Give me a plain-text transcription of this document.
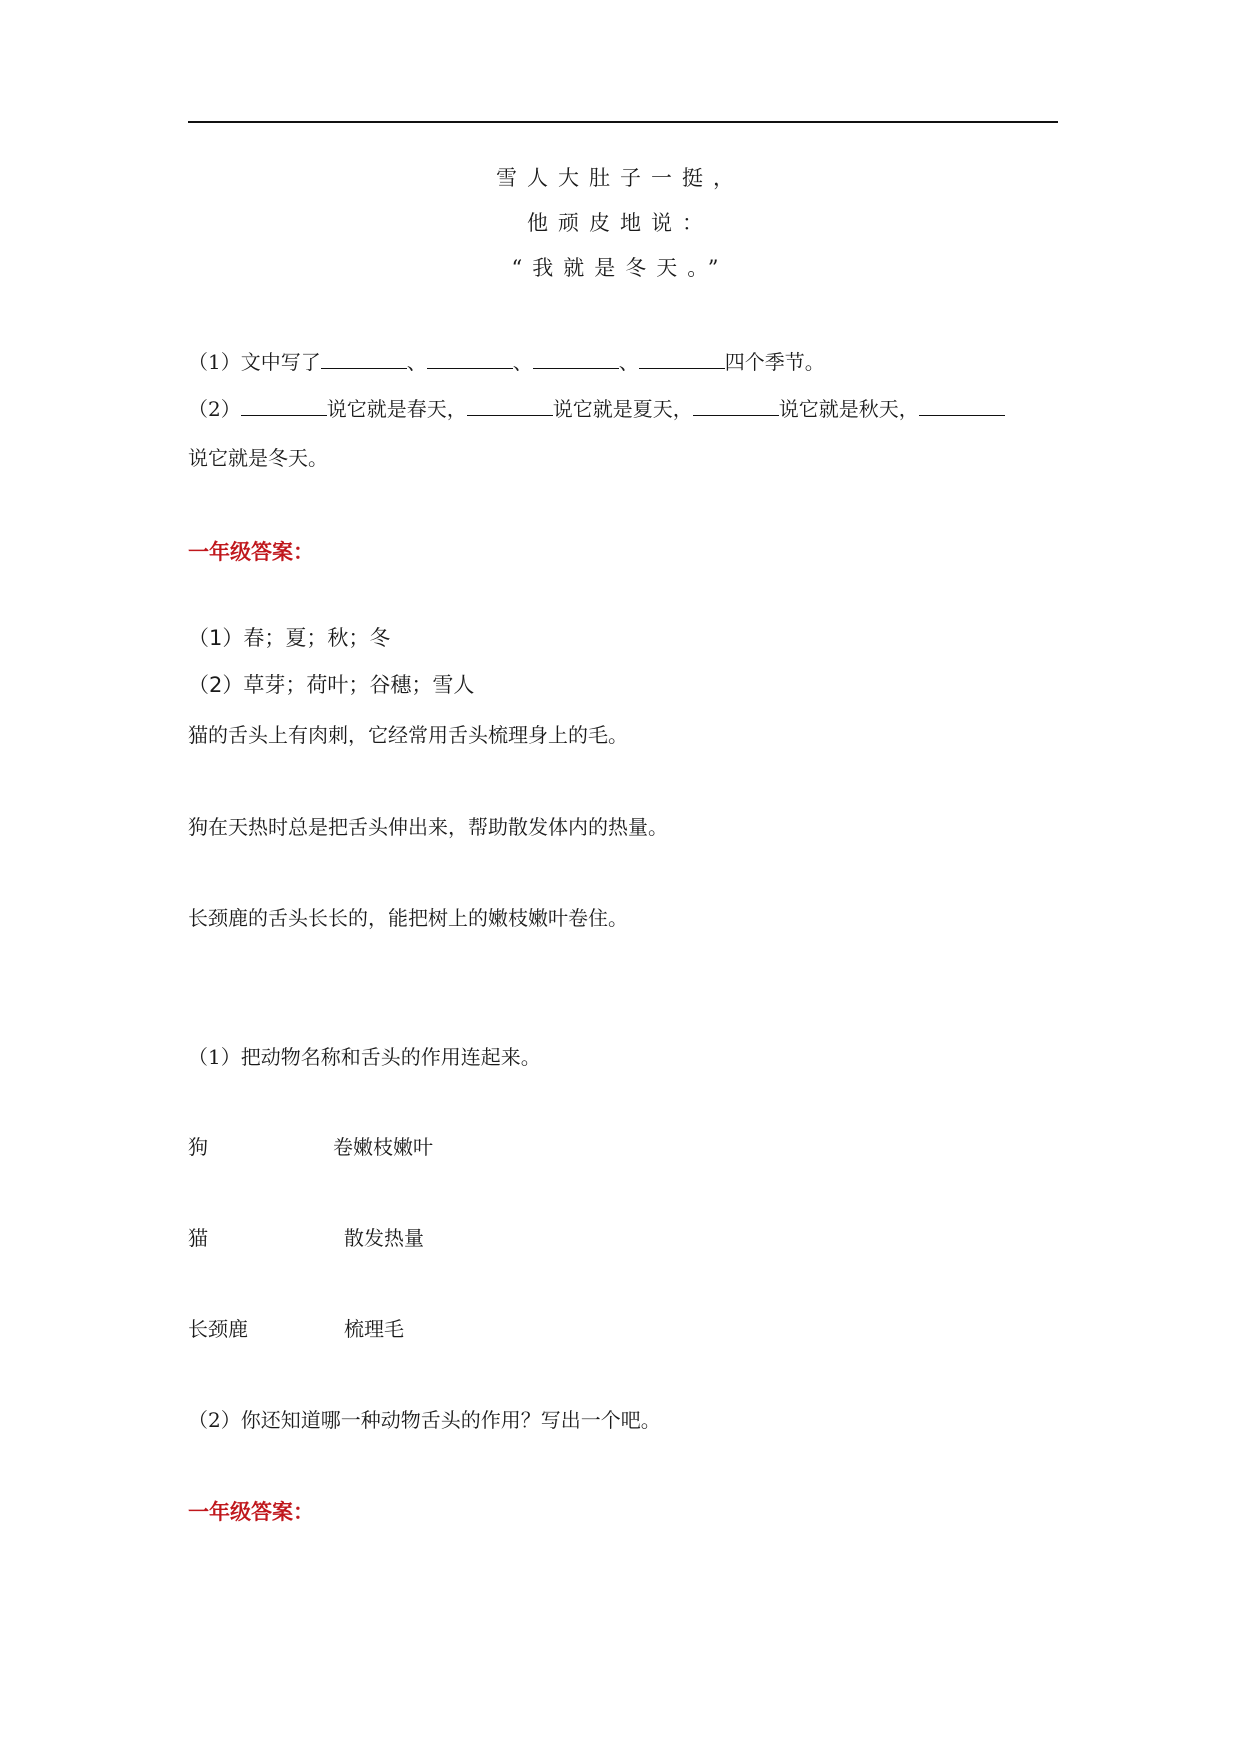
雪人大肚子一挺，
他顽皮地说：
“我就是冬天。”
（1）文中写了	、	、	、	四个季节。
（2）	说它就是春天，	说它就是夏天，	说它就是秋天，
说它就是冬天。
一年级答案：
（1）春；夏；秋；冬
（2）草芽；荷叶；谷穗；雪人
猫的舌头上有肉刺，它经常用舌头梳理身上的毛。
狗在天热时总是把舌头伸出来，帮助散发体内的热量。
长颈鹿的舌头长长的，能把树上的嫩枝嫩叶卷住。
（1）把动物名称和舌头的作用连起来。
狗	卷嫩枝嫩叶
猫	散发热量
长颈鹿	梳理毛
（2）你还知道哪一种动物舌头的作用？写出一个吧。
一年级答案：
